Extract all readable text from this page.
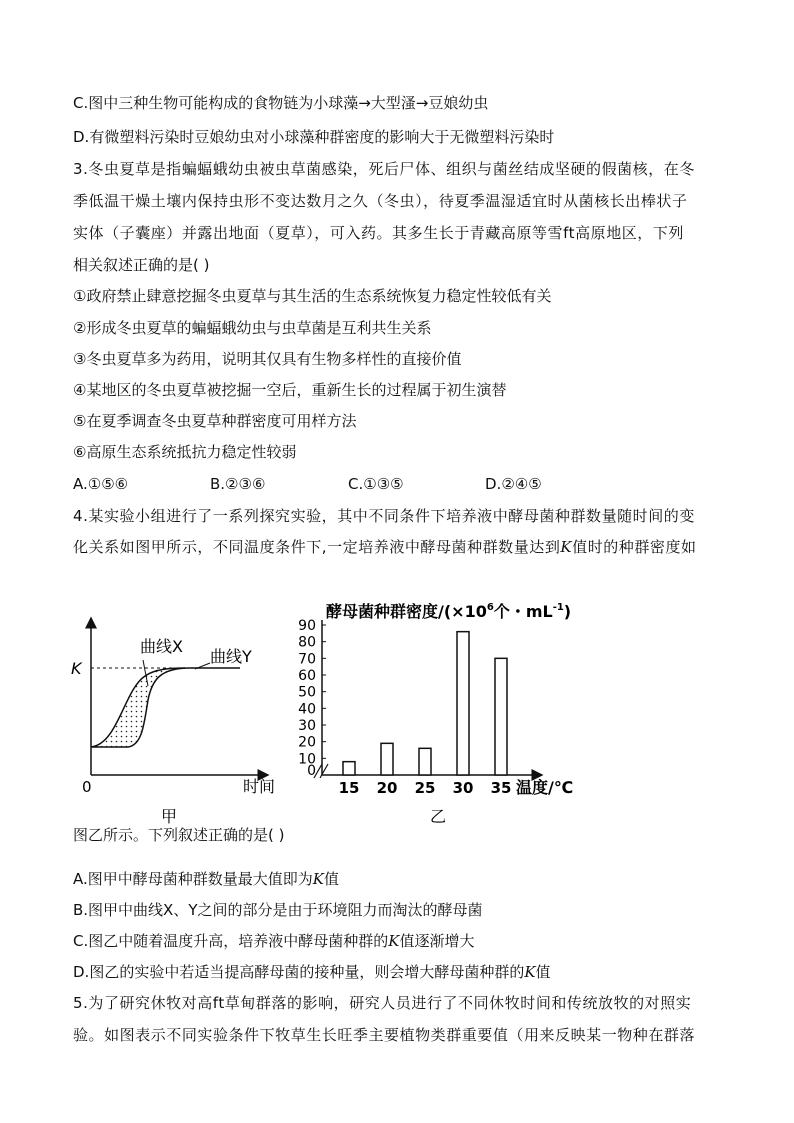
C.图中三种生物可能构成的食物链为小球藻→大型溞→豆娘幼虫
D.有微塑料污染时豆娘幼虫对小球藻种群密度的影响大于无微塑料污染时
3.冬虫夏草是指蝙蝠蛾幼虫被虫草菌感染，死后尸体、组织与菌丝结成坚硬的假菌核，在冬
季低温干燥土壤内保持虫形不变达数月之久（冬虫），待夏季温湿适宜时从菌核长出棒状子
实体（子囊座）并露出地面（夏草），可入药。其多生长于青藏高原等雪ft高原地区，下列
相关叙述正确的是( )
①政府禁止肆意挖掘冬虫夏草与其生活的生态系统恢复力稳定性较低有关
②形成冬虫夏草的蝙蝠蛾幼虫与虫草菌是互利共生关系
③冬虫夏草多为药用，说明其仅具有生物多样性的直接价值
④某地区的冬虫夏草被挖掘一空后，重新生长的过程属于初生演替
⑤在夏季调查冬虫夏草种群密度可用样方法
⑥高原生态系统抵抗力稳定性较弱
A.①⑤⑥	B.②③⑥	C.①③⑤	D.②④⑤
4.某实验小组进行了一系列探究实验，其中不同条件下培养液中酵母菌种群数量随时间的变
化关系如图甲所示，不同温度条件下,一定培养液中酵母菌种群数量达到K值时的种群密度如
K
曲线X
曲线Y
0	时间
甲
酵母菌种群密度$/(\times 10^6$个・$mL^{-1}$)
0
10
20
30
40
50
60
70
80
90
15 20 25 30 35 温度/℃
乙
图乙所示。下列叙述正确的是( )
A.图甲中酵母菌种群数量最大值即为K值
B.图甲中曲线X、Y之间的部分是由于环境阻力而淘汰的酵母菌
C.图乙中随着温度升高，培养液中酵母菌种群的K值逐渐增大
D.图乙的实验中若适当提高酵母菌的接种量，则会增大酵母菌种群的K值
5.为了研究休牧对高ft草甸群落的影响，研究人员进行了不同休牧时间和传统放牧的对照实
验。如图表示不同实验条件下牧草生长旺季主要植物类群重要值（用来反映某一物种在群落
